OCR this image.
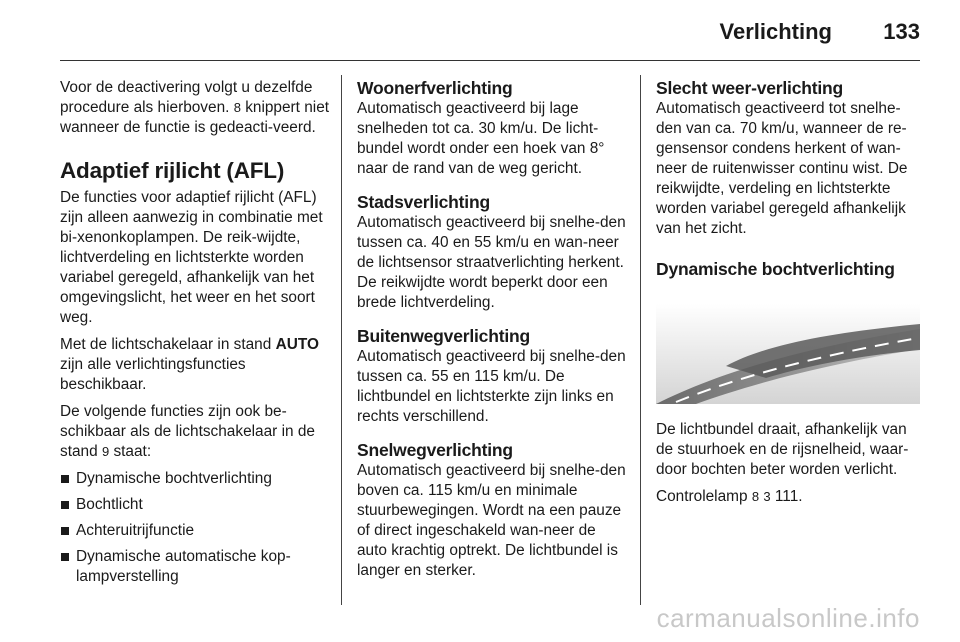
Verlichting 133

Voor de deactivering volgt u dezelfde procedure als hierboven. 8 knippert niet wanneer de functie is gedeacti-veerd.

Adaptief rijlicht (AFL)

De functies voor adaptief rijlicht (AFL) zijn alleen aanwezig in combinatie met bi-xenonkoplampen. De reik-wijdte, lichtverdeling en lichtsterkte worden variabel geregeld, afhankelijk van het omgevingslicht, het weer en het soort weg.

Met de lichtschakelaar in stand AUTO zijn alle verlichtingsfuncties beschikbaar.

De volgende functies zijn ook be-schikbaar als de lichtschakelaar in de stand 9 staat:

Dynamische bochtverlichting
Bochtlicht
Achteruitrijfunctie
Dynamische automatische kop-lampverstelling
Woonerfverlichting

Automatisch geactiveerd bij lage snelheden tot ca. 30 km/u. De licht-bundel wordt onder een hoek van 8° naar de rand van de weg gericht.

Stadsverlichting

Automatisch geactiveerd bij snelhe-den tussen ca. 40 en 55 km/u en wan-neer de lichtsensor straatverlichting herkent. De reikwijdte wordt beperkt door een brede lichtverdeling.

Buitenwegverlichting

Automatisch geactiveerd bij snelhe-den tussen ca. 55 en 115 km/u. De lichtbundel en lichtsterkte zijn links en rechts verschillend.

Snelwegverlichting

Automatisch geactiveerd bij snelhe-den boven ca. 115 km/u en minimale stuurbewegingen. Wordt na een pauze of direct ingeschakeld wan-neer de auto krachtig optrekt. De lichtbundel is langer en sterker.

Slecht weer-verlichting

Automatisch geactiveerd tot snelhe-den van ca. 70 km/u, wanneer de re-gensensor condens herkent of wan-neer de ruitenwisser continu wist. De reikwijdte, verdeling en lichtsterkte worden variabel geregeld afhankelijk van het zicht.

Dynamische bochtverlichting

De lichtbundel draait, afhankelijk van de stuurhoek en de rijsnelheid, waar-door bochten beter worden verlicht.

Controlelamp 8 3 111.

carmanualsonline.info
